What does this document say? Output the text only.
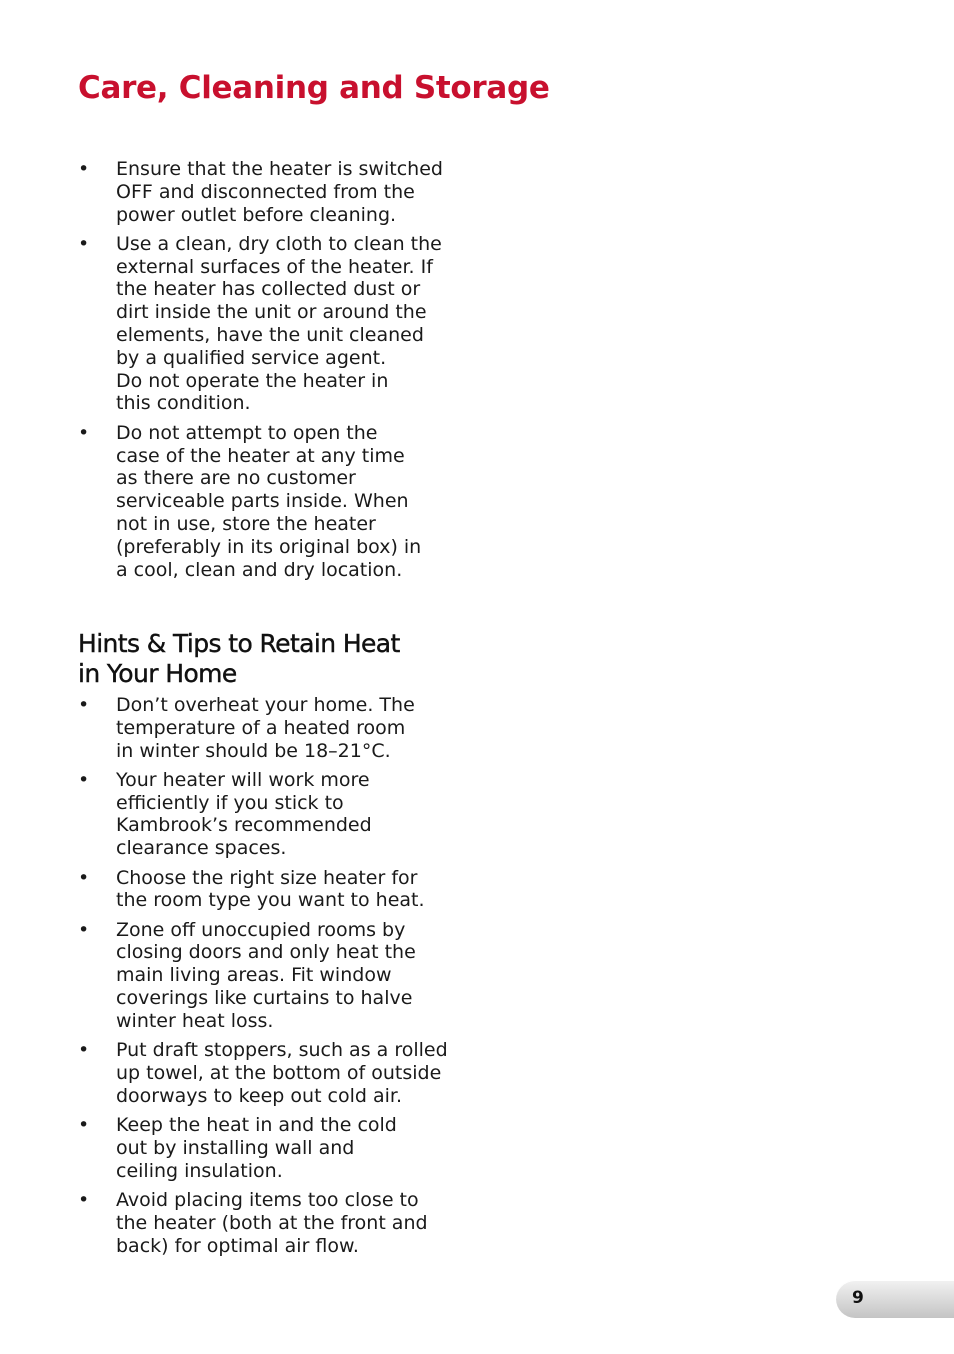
Care, Cleaning and Storage
• Ensure that the heater is switched
OFF and disconnected from the
power outlet before cleaning.
• Use a clean, dry cloth to clean the
external surfaces of the heater. If
the heater has collected dust or
dirt inside the unit or around the
elements, have the unit cleaned
by a qualified service agent.
Do not operate the heater in
this condition.
• Do not attempt to open the
case of the heater at any time
as there are no customer
serviceable parts inside. When
not in use, store the heater
(preferably in its original box) in
a cool, clean and dry location.
Hints & Tips to Retain Heat
in Your Home
• Don’t overheat your home. The
temperature of a heated room
in winter should be 18–21°C.
• Your heater will work more
efficiently if you stick to
Kambrook’s recommended
clearance spaces.
• Choose the right size heater for
the room type you want to heat.
• Zone off unoccupied rooms by
closing doors and only heat the
main living areas. Fit window
coverings like curtains to halve
winter heat loss.
• Put draft stoppers, such as a rolled
up towel, at the bottom of outside
doorways to keep out cold air.
• Keep the heat in and the cold
out by installing wall and
ceiling insulation.
• Avoid placing items too close to
the heater (both at the front and
back) for optimal air flow.
9
